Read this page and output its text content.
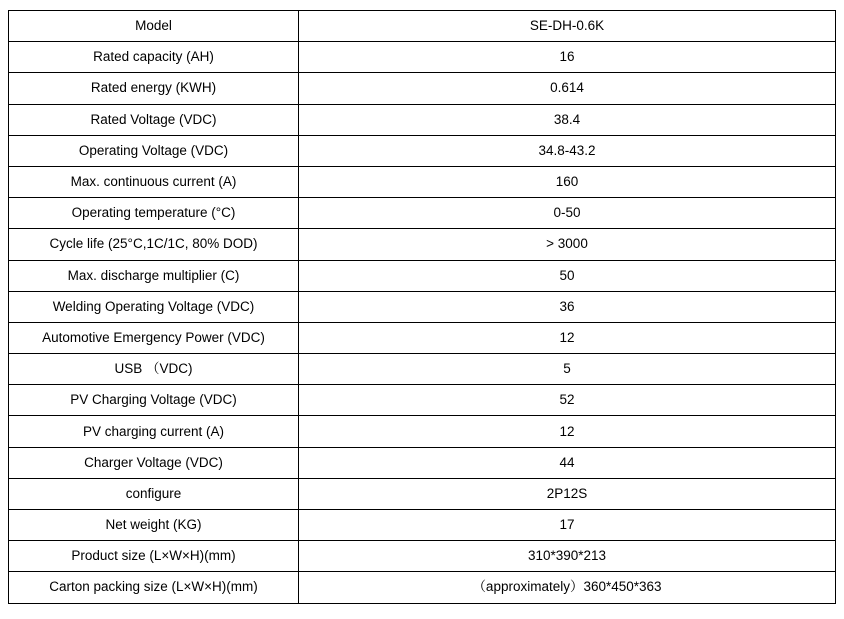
Model	SE-DH-0.6K
Rated capacity (AH)	16
Rated energy (KWH)	0.614
Rated Voltage (VDC)	38.4
Operating Voltage (VDC)	34.8-43.2
Max. continuous current (A)	160
Operating temperature (°C)	0-50
Cycle life (25°C,1C/1C, 80% DOD)	> 3000
Max. discharge multiplier (C)	50
Welding Operating Voltage (VDC)	36
Automotive Emergency Power (VDC)	12
USB （VDC)	5
PV Charging Voltage (VDC)	52
PV charging current (A)	12
Charger Voltage (VDC)	44
configure	2P12S
Net weight (KG)	17
Product size (L×W×H)(mm)	310*390*213
Carton packing size (L×W×H)(mm)	（approximately）360*450*363
